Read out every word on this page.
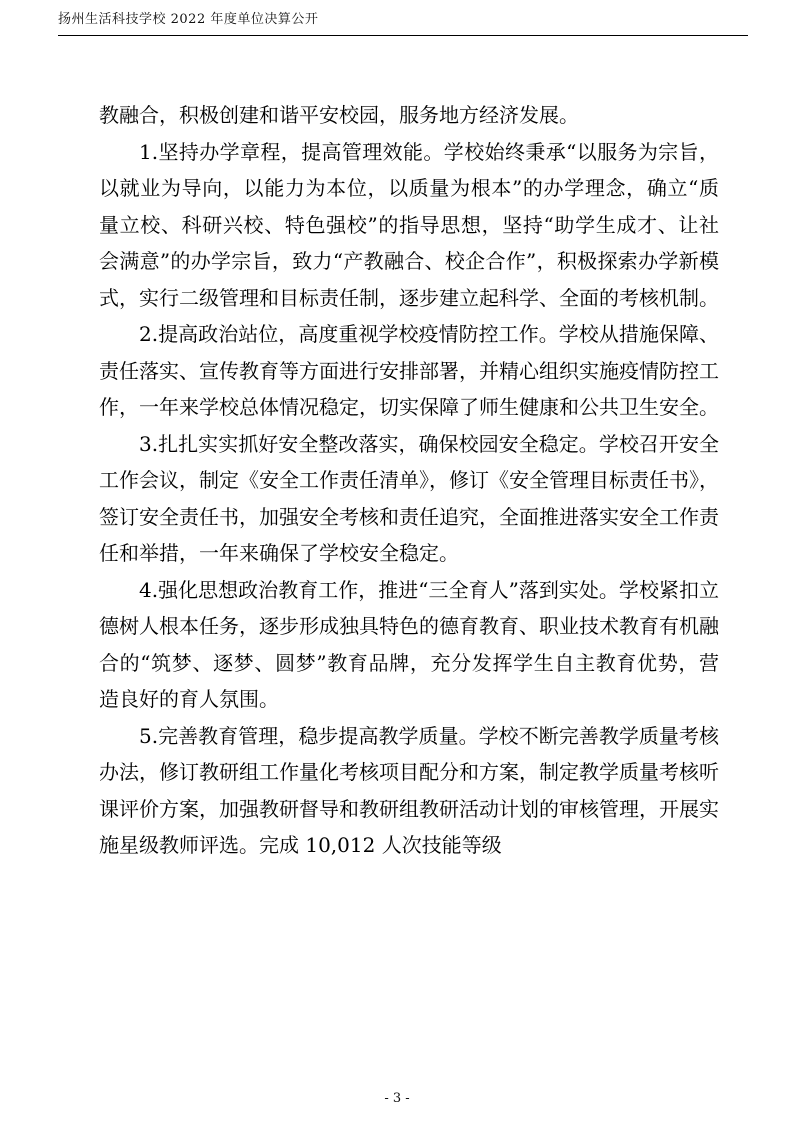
扬州生活科技学校 2022 年度单位决算公开

教融合，积极创建和谐平安校园，服务地方经济发展。

1.坚持办学章程，提高管理效能。学校始终秉承“以服务为宗旨，以就业为导向，以能力为本位，以质量为根本”的办学理念，确立“质量立校、科研兴校、特色强校”的指导思想，坚持“助学生成才、让社会满意”的办学宗旨，致力“产教融合、校企合作”，积极探索办学新模式，实行二级管理和目标责任制，逐步建立起科学、全面的考核机制。

2.提高政治站位，高度重视学校疫情防控工作。学校从措施保障、责任落实、宣传教育等方面进行安排部署，并精心组织实施疫情防控工作，一年来学校总体情况稳定，切实保障了师生健康和公共卫生安全。

3.扎扎实实抓好安全整改落实，确保校园安全稳定。学校召开安全工作会议，制定《安全工作责任清单》，修订《安全管理目标责任书》，签订安全责任书，加强安全考核和责任追究，全面推进落实安全工作责任和举措，一年来确保了学校安全稳定。

4.强化思想政治教育工作，推进“三全育人”落到实处。学校紧扣立德树人根本任务，逐步形成独具特色的德育教育、职业技术教育有机融合的“筑梦、逐梦、圆梦”教育品牌，充分发挥学生自主教育优势，营造良好的育人氛围。

5.完善教育管理，稳步提高教学质量。学校不断完善教学质量考核办法，修订教研组工作量化考核项目配分和方案，制定教学质量考核听课评价方案，加强教研督导和教研组教研活动计划的审核管理，开展实施星级教师评选。完成 10,012 人次技能等级

- 3 -
